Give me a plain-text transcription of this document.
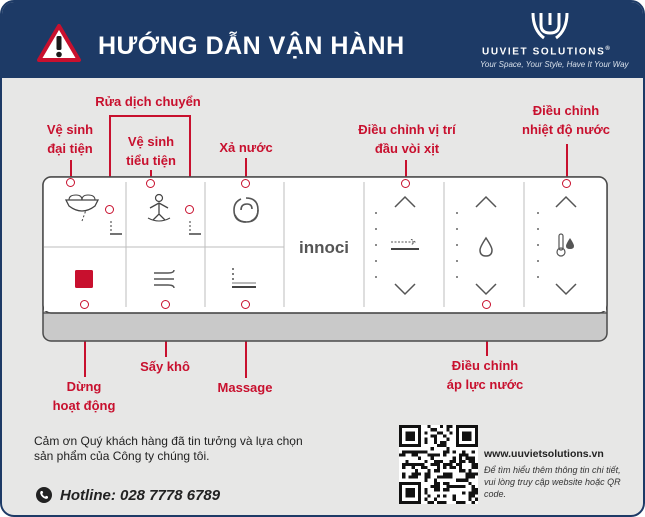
HƯỚNG DẪN VẬN HÀNH	UUVIET SOLUTIONS®
Your Space, Your Style, Have It Your Way
Vệ sinh
đại tiện
Rửa dịch chuyển
Vệ sinh
tiểu tiện
Xả nước
Điều chỉnh vị trí
đầu vòi xịt
Điều chỉnh
nhiệt độ nước
Dừng
hoạt động
Sấy khô
Massage
Điều chỉnh
áp lực nước
innoci
Cảm ơn Quý khách hàng đã tin tưởng và lựa chọn sản phẩm của Công ty chúng tôi.
Hotline: 028 7778 6789
www.uuvietsolutions.vn
Để tìm hiểu thêm thông tin chi tiết, vui lòng truy cập website hoặc QR code.
